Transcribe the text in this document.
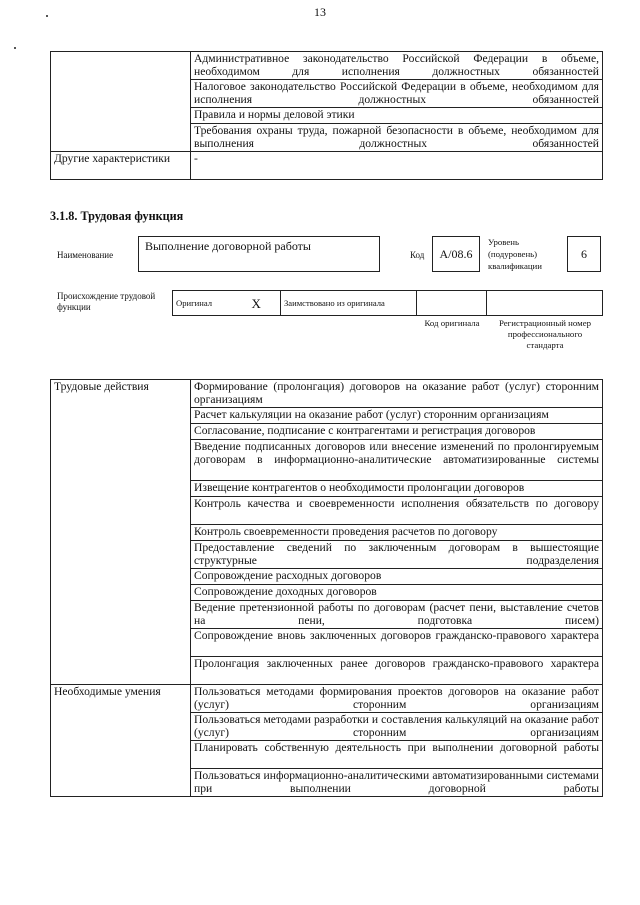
13
	Административное законодательство Российской Федерации в объеме, необходимом для исполнения должностных обязанностей
	Налоговое законодательство Российской Федерации в объеме, необходимом для исполнения должностных обязанностей
	Правила и нормы деловой этики
	Требования охраны труда, пожарной безопасности в объеме, необходимом для выполнения должностных обязанностей
Другие характеристики	-
3.1.8. Трудовая функция
Наименование
Выполнение договорной работы
Код	A/08.6
Уровень (подуровень) квалификации
6
Происхождение трудовой функции	Оригинал	X	Заимствовано из оригинала		
Код оригинала	Регистрационный номер профессионального стандарта
Трудовые действия	Формирование (пролонгация) договоров на оказание работ (услуг) сторонним организациям
	Расчет калькуляции на оказание работ (услуг) сторонним организациям
	Согласование, подписание с контрагентами и регистрация договоров
	Введение подписанных договоров или внесение изменений по пролонгируемым договорам в информационно-аналитические автоматизированные системы
	Извещение контрагентов о необходимости пролонгации договоров
	Контроль качества и своевременности исполнения обязательств по договору
	Контроль своевременности проведения расчетов по договору
	Предоставление сведений по заключенным договорам в вышестоящие структурные подразделения
	Сопровождение расходных договоров
	Сопровождение доходных договоров
	Ведение претензионной работы по договорам (расчет пени, выставление счетов на пени, подготовка писем)
	Сопровождение вновь заключенных договоров гражданско-правового характера
	Пролонгация заключенных ранее договоров гражданско-правового характера
Необходимые умения	Пользоваться методами формирования проектов договоров на оказание работ (услуг) сторонним организациям
	Пользоваться методами разработки и составления калькуляций на оказание работ (услуг) сторонним организациям
	Планировать собственную деятельность при выполнении договорной работы
	Пользоваться информационно-аналитическими автоматизированными системами при выполнении договорной работы
